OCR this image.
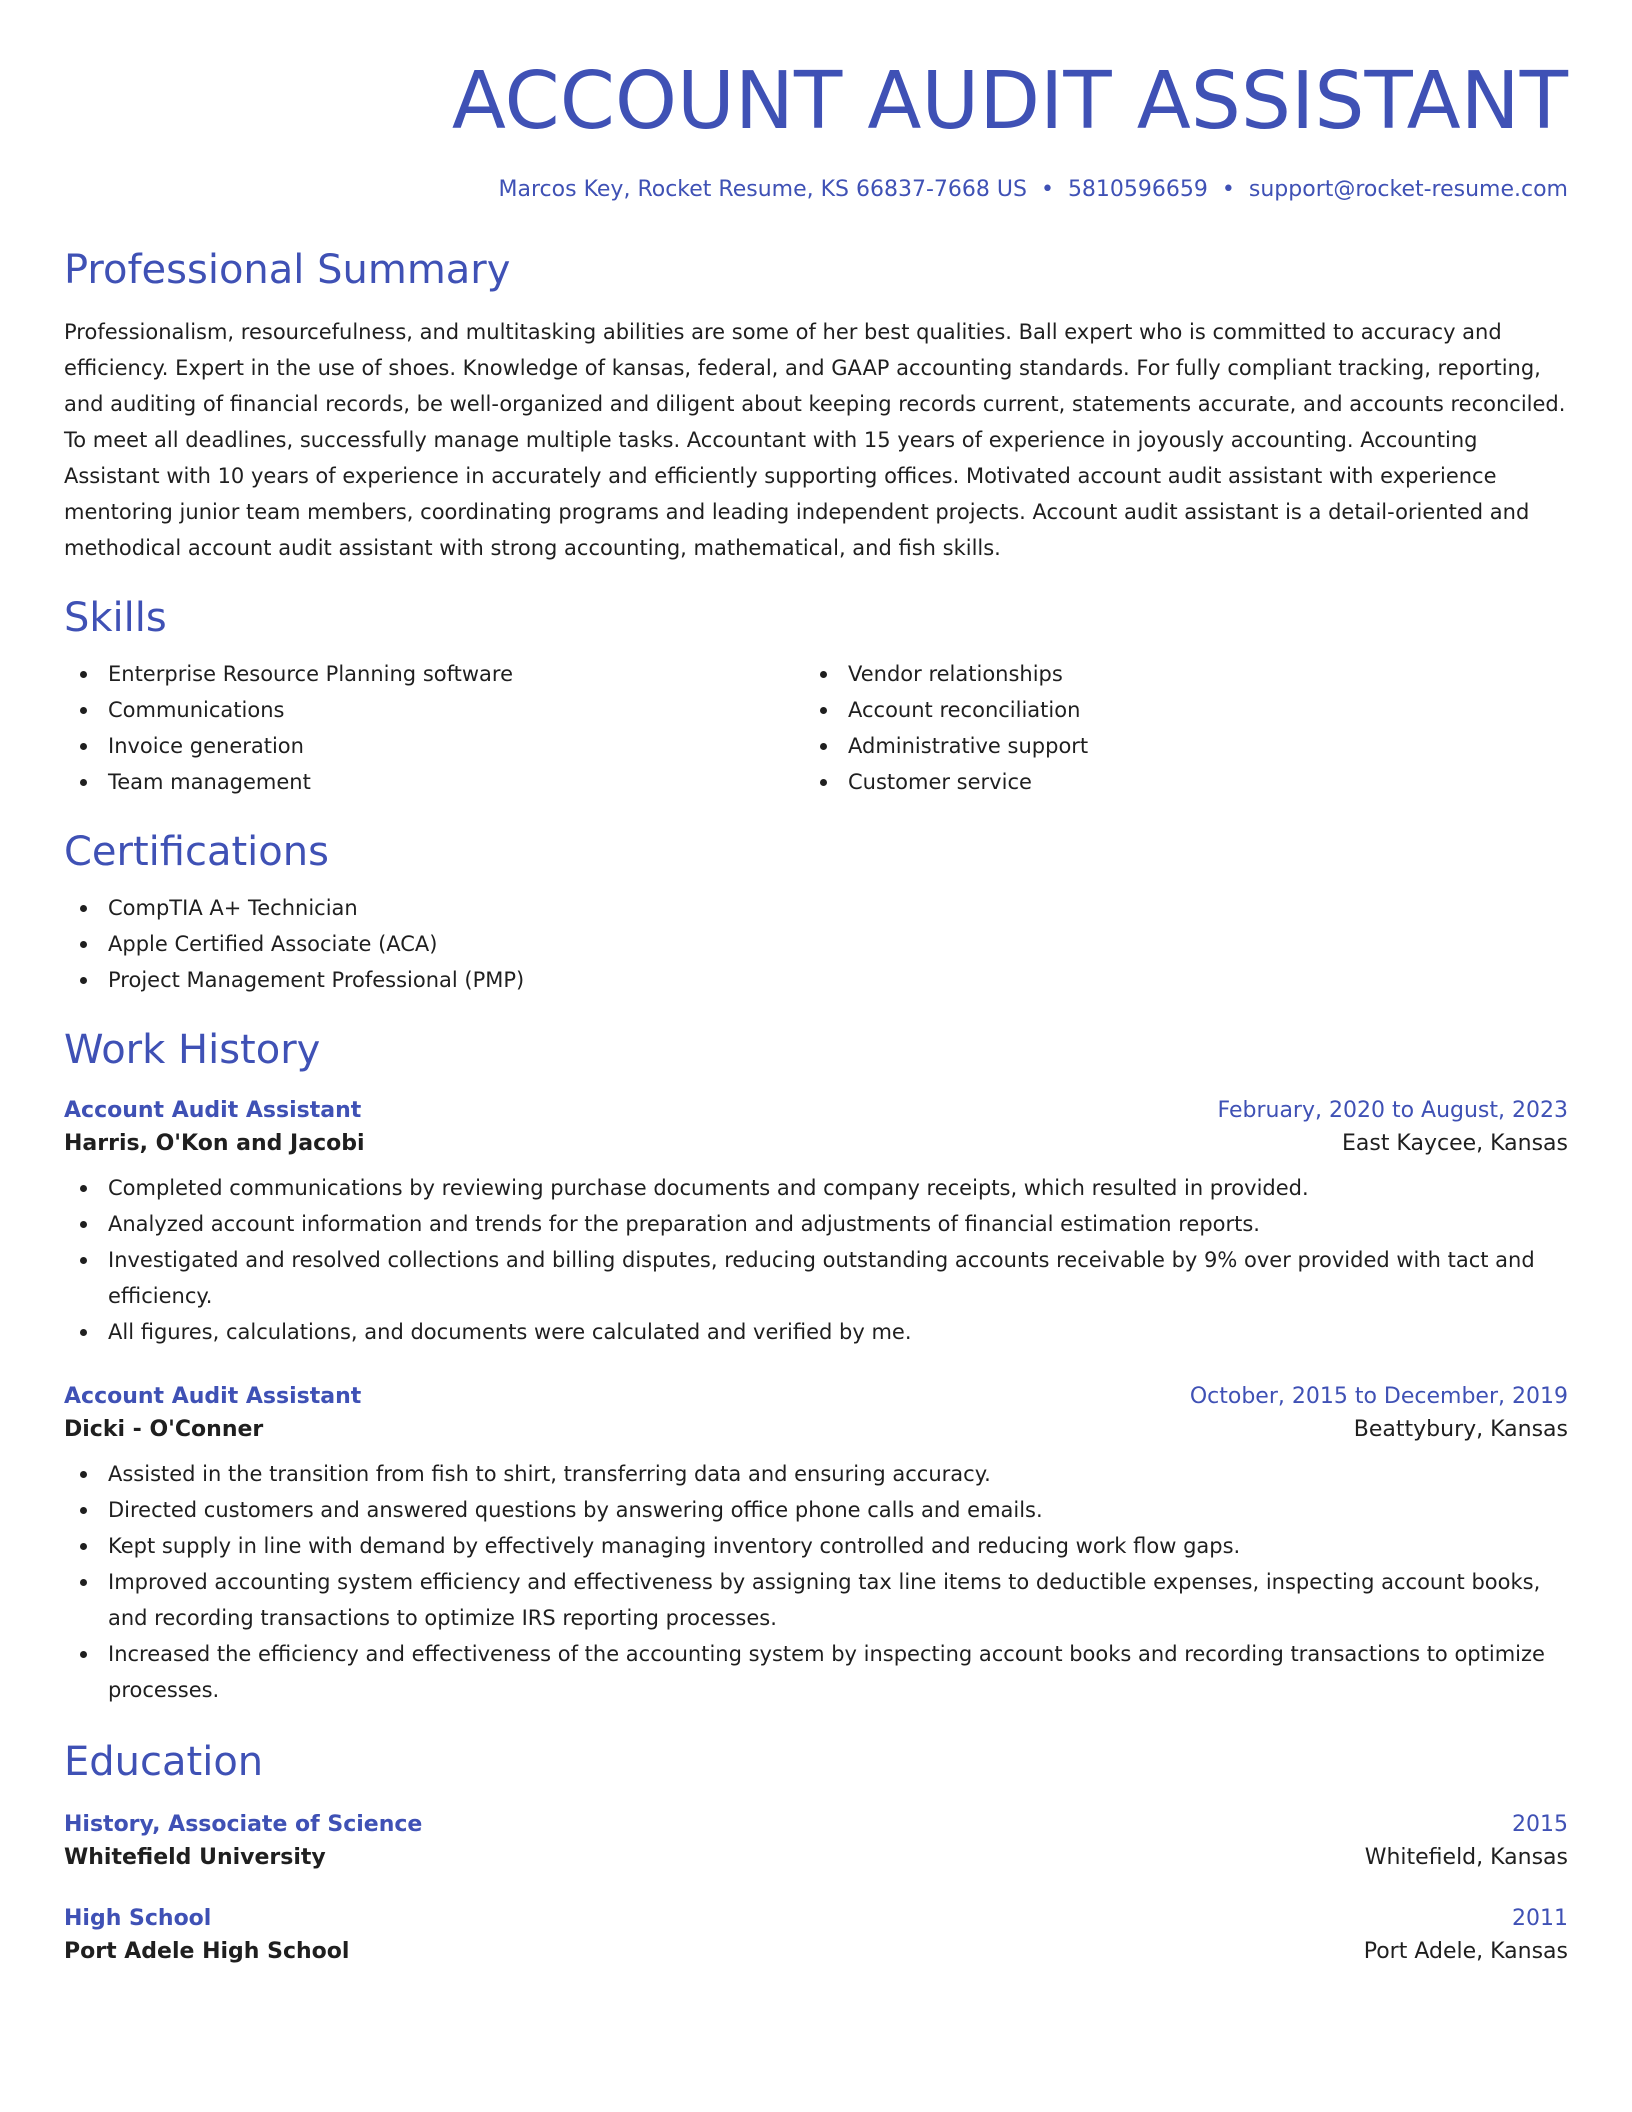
ACCOUNT AUDIT ASSISTANT
Marcos Key, Rocket Resume, KS 66837-7668 US • 5810596659 • support@rocket-resume.com
Professional Summary

Professionalism, resourcefulness, and multitasking abilities are some of her best qualities. Ball expert who is committed to accuracy and efficiency. Expert in the use of shoes. Knowledge of kansas, federal, and GAAP accounting standards. For fully compliant tracking, reporting, and auditing of financial records, be well-organized and diligent about keeping records current, statements accurate, and accounts reconciled. To meet all deadlines, successfully manage multiple tasks. Accountant with 15 years of experience in joyously accounting. Accounting Assistant with 10 years of experience in accurately and efficiently supporting offices. Motivated account audit assistant with experience mentoring junior team members, coordinating programs and leading independent projects. Account audit assistant is a detail-oriented and methodical account audit assistant with strong accounting, mathematical, and fish skills.

Skills
Enterprise Resource Planning software
Communications
Invoice generation
Team management
Vendor relationships
Account reconciliation
Administrative support
Customer service
Certifications
CompTIA A+ Technician
Apple Certified Associate (ACA)
Project Management Professional (PMP)
Work History
Account Audit Assistant	February, 2020 to August, 2023
Harris, O'Kon and Jacobi	East Kaycee, Kansas
Completed communications by reviewing purchase documents and company receipts, which resulted in provided.
Analyzed account information and trends for the preparation and adjustments of financial estimation reports.
Investigated and resolved collections and billing disputes, reducing outstanding accounts receivable by 9% over provided with tact and efficiency.
All figures, calculations, and documents were calculated and verified by me.
Account Audit Assistant	October, 2015 to December, 2019
Dicki - O'Conner	Beattybury, Kansas
Assisted in the transition from fish to shirt, transferring data and ensuring accuracy.
Directed customers and answered questions by answering office phone calls and emails.
Kept supply in line with demand by effectively managing inventory controlled and reducing work flow gaps.
Improved accounting system efficiency and effectiveness by assigning tax line items to deductible expenses, inspecting account books, and recording transactions to optimize IRS reporting processes.
Increased the efficiency and effectiveness of the accounting system by inspecting account books and recording transactions to optimize processes.
Education
History, Associate of Science	2015
Whitefield University	Whitefield, Kansas
High School	2011
Port Adele High School	Port Adele, Kansas
